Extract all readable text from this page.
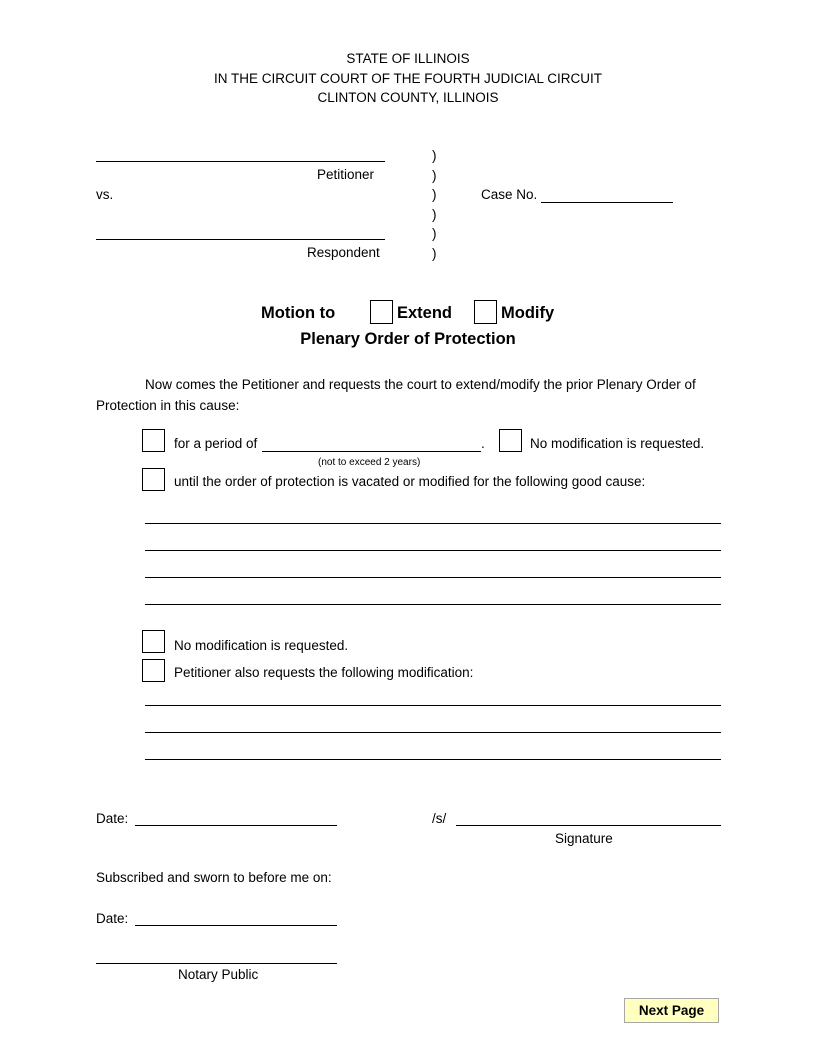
STATE OF ILLINOIS
IN THE CIRCUIT COURT OF THE FOURTH JUDICIAL CIRCUIT
CLINTON COUNTY, ILLINOIS
Petitioner
vs.
Respondent
)
)
)
)
)
)
Case No.
Motion to	Extend	Modify
Plenary Order of Protection
Now comes the Petitioner and requests the court to extend/modify the prior Plenary Order of
Protection in this cause:
for a period of	.
(not to exceed 2 years)
No modification is requested.
until the order of protection is vacated or modified for the following good cause:
No modification is requested.
Petitioner also requests the following modification:
Date:	/s/
Signature
Subscribed and sworn to before me on:
Date:
Notary Public
Next Page
